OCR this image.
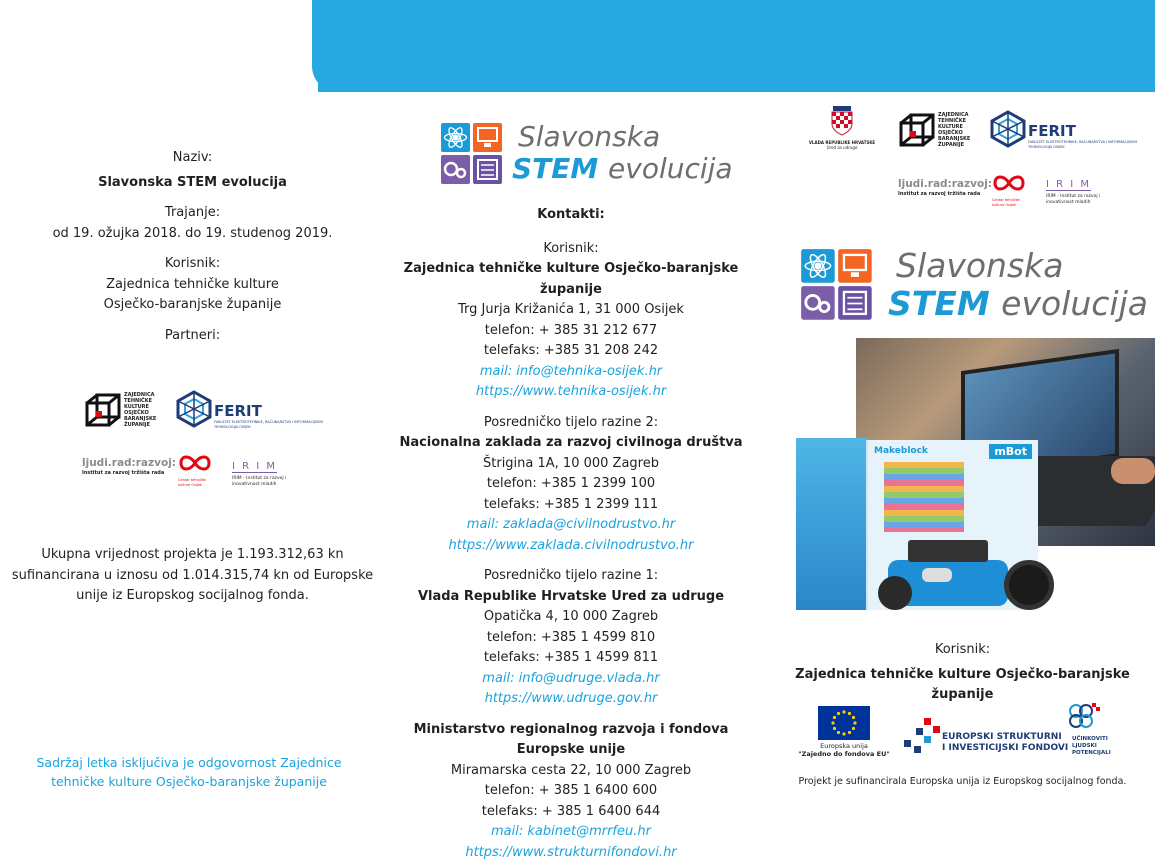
Naziv:
Slavonska STEM evolucija
Trajanje:
od 19. ožujka 2018. do 19. studenog 2019.
Korisnik:
Zajednica tehničke kulture
Osječko-baranjske županije
Partneri:
ZAJEDNICA TEHNIČKE KULTURE OSJEČKO BARANJSKE ŽUPANIJE
FERIT
FAKULTET ELEKTROTEHNIKE, RAČUNARSTVA I INFORMACIJSKIH TEHNOLOGIJA OSIJEK
ljudi.rad:razvoj:
Institut za razvoj tržišta rada
Centar tehničke kulture Osijek
I R I M
IRIM - Institut za razvoj i inovativnost mladih
Ukupna vrijednost projekta je 1.193.312,63 kn
sufinancirana u iznosu od 1.014.315,74 kn od Europske
unije iz Europskog socijalnog fonda.
Sadržaj letka isključiva je odgovornost Zajednice
tehničke kulture Osječko-baranjske županije
Slavonska
STEM evolucija
Kontakti:
Korisnik:
Zajednica tehničke kulture Osječko-baranjske županije
Trg Jurja Križanića 1, 31 000 Osijek
telefon: + 385 31 212 677
telefaks: +385 31 208 242
mail: info@tehnika-osijek.hr
https://www.tehnika-osijek.hr
Posredničko tijelo razine 2:
Nacionalna zaklada za razvoj civilnoga društva
Štrigina 1A, 10 000 Zagreb
telefon: +385 1 2399 100
telefaks: +385 1 2399 111
mail: zaklada@civilnodrustvo.hr
https://www.zaklada.civilnodrustvo.hr
Posredničko tijelo razine 1:
Vlada Republike Hrvatske Ured za udruge
Opatička 4, 10 000 Zagreb
telefon: +385 1 4599 810
telefaks: +385 1 4599 811
mail: info@udruge.vlada.hr
https://www.udruge.gov.hr
Ministarstvo regionalnog razvoja i fondova Europske unije
Miramarska cesta 22, 10 000 Zagreb
telefon: + 385 1 6400 600
telefaks: + 385 1 6400 644
mail: kabinet@mrrfeu.hr
https://www.strukturnifondovi.hr
VLADA REPUBLIKE HRVATSKE
Ured za udruge
ZAJEDNICA TEHNIČKE KULTURE OSJEČKO BARANJSKE ŽUPANIJE
FERIT
FAKULTET ELEKTROTEHNIKE, RAČUNARSTVA I INFORMACIJSKIH TEHNOLOGIJA OSIJEK
ljudi.rad:razvoj:
Institut za razvoj tržišta rada
Centar tehničke kulture Osijek
I R I M
IRIM - Institut za razvoj i inovativnost mladih
Slavonska
STEM evolucija
Makeblock	mBot
Korisnik:
Zajednica tehničke kulture Osječko-baranjske županije
Europska unija
"Zajedno do fondova EU"
EUROPSKI STRUKTURNI
I INVESTICIJSKI FONDOVI
UČINKOVITI LJUDSKI POTENCIJALI
Projekt je sufinancirala Europska unija iz Europskog socijalnog fonda.
